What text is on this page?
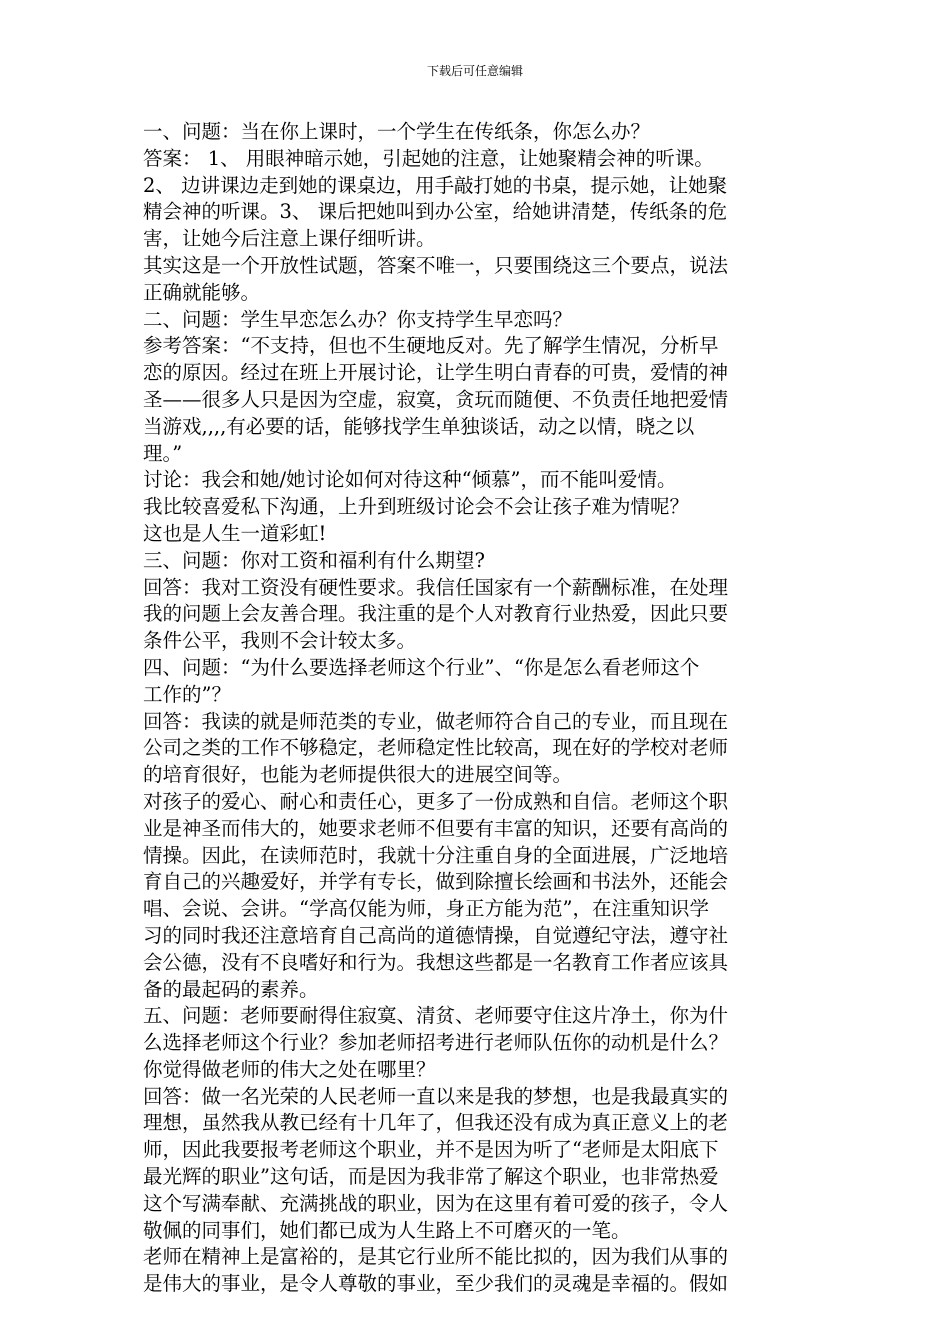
下载后可任意编辑

一、问题：当在你上课时，一个学生在传纸条，你怎么办？

答案： 1、 用眼神暗示她，引起她的注意，让她聚精会神的听课。

2、 边讲课边走到她的课桌边，用手敲打她的书桌，提示她，让她聚

精会神的听课。3、 课后把她叫到办公室，给她讲清楚，传纸条的危

害，让她今后注意上课仔细听讲。

其实这是一个开放性试题，答案不唯一，只要围绕这三个要点，说法

正确就能够。

二、问题：学生早恋怎么办？你支持学生早恋吗？

参考答案：“不支持，但也不生硬地反对。先了解学生情况，分析早

恋的原因。经过在班上开展讨论，让学生明白青春的可贵，爱情的神

圣——很多人只是因为空虚，寂寞，贪玩而随便、不负责任地把爱情

当游戏,,,,有必要的话，能够找学生单独谈话，动之以情，晓之以

理。”

讨论：我会和她/她讨论如何对待这种“倾慕”，而不能叫爱情。

我比较喜爱私下沟通，上升到班级讨论会不会让孩子难为情呢？

这也是人生一道彩虹!

三、问题：你对工资和福利有什么期望?

回答：我对工资没有硬性要求。我信任国家有一个薪酬标准，在处理

我的问题上会友善合理。我注重的是个人对教育行业热爱，因此只要

条件公平，我则不会计较太多。

四、问题：“为什么要选择老师这个行业”、“你是怎么看老师这个

工作的”？

回答：我读的就是师范类的专业，做老师符合自己的专业，而且现在

公司之类的工作不够稳定，老师稳定性比较高，现在好的学校对老师

的培育很好，也能为老师提供很大的进展空间等。

对孩子的爱心、耐心和责任心，更多了一份成熟和自信。老师这个职

业是神圣而伟大的，她要求老师不但要有丰富的知识，还要有高尚的

情操。因此，在读师范时，我就十分注重自身的全面进展，广泛地培

育自己的兴趣爱好，并学有专长，做到除擅长绘画和书法外，还能会

唱、会说、会讲。“学高仅能为师，身正方能为范”，在注重知识学

习的同时我还注意培育自己高尚的道德情操，自觉遵纪守法，遵守社

会公德，没有不良嗜好和行为。我想这些都是一名教育工作者应该具

备的最起码的素养。

五、问题：老师要耐得住寂寞、清贫、老师要守住这片净土，你为什

么选择老师这个行业？参加老师招考进行老师队伍你的动机是什么？

你觉得做老师的伟大之处在哪里？

回答：做一名光荣的人民老师一直以来是我的梦想，也是我最真实的

理想，虽然我从教已经有十几年了，但我还没有成为真正意义上的老

师，因此我要报考老师这个职业，并不是因为听了“老师是太阳底下

最光辉的职业”这句话，而是因为我非常了解这个职业，也非常热爱

这个写满奉献、充满挑战的职业，因为在这里有着可爱的孩子，令人

敬佩的同事们，她们都已成为人生路上不可磨灭的一笔。

老师在精神上是富裕的，是其它行业所不能比拟的，因为我们从事的

是伟大的事业，是令人尊敬的事业，至少我们的灵魂是幸福的。假如
